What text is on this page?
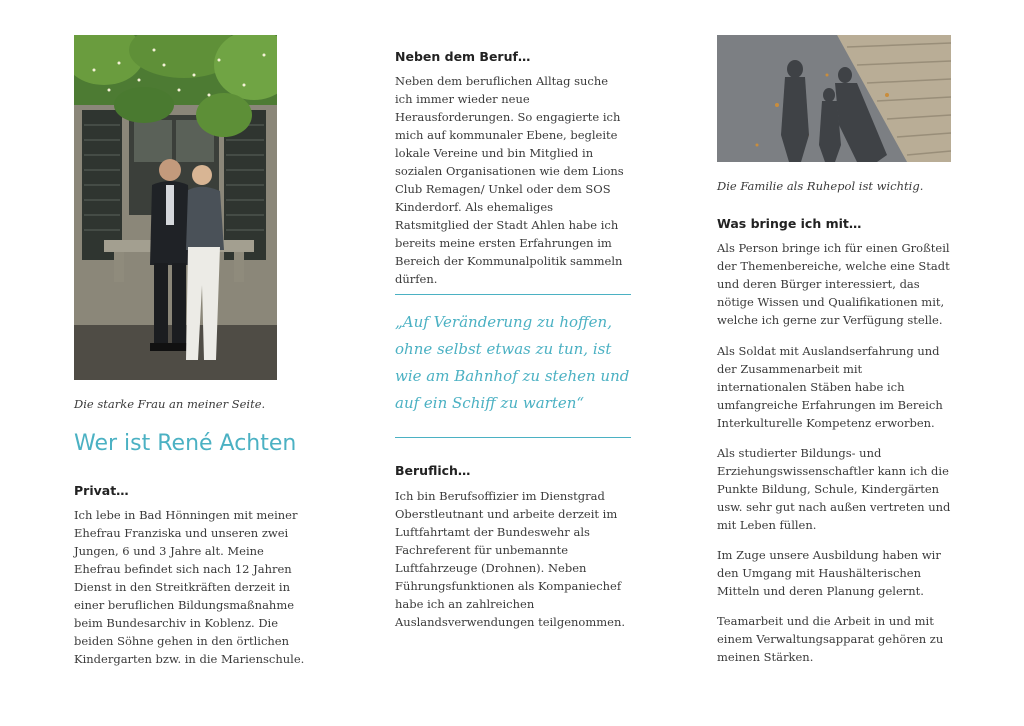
Die starke Frau an meiner Seite.
Wer ist René Achten
Privat…

Ich lebe in Bad Hönningen mit meiner Ehefrau Franziska und unseren zwei Jungen, 6 und 3 Jahre alt. Meine Ehefrau befindet sich nach 12 Jahren Dienst in den Streitkräften derzeit in einer beruflichen Bildungsmaßnahme beim Bundesarchiv in Koblenz. Die beiden Söhne gehen in den örtlichen Kindergarten bzw. in die Marienschule.

Neben dem Beruf…

Neben dem beruflichen Alltag suche ich immer wieder neue Herausforderungen. So engagierte ich mich auf kommunaler Ebene, begleite lokale Vereine und bin Mitglied in sozialen Organisationen wie dem Lions Club Remagen/ Unkel oder dem SOS Kinderdorf. Als ehemaliges Ratsmitglied der Stadt Ahlen habe ich bereits meine ersten Erfahrungen im Bereich der Kommunalpolitik sammeln dürfen.

„Auf Veränderung zu hoffen, ohne selbst etwas zu tun, ist wie am Bahnhof zu stehen und auf ein Schiff zu warten“

Beruflich…

Ich bin Berufsoffizier im Dienstgrad Oberstleutnant und arbeite derzeit im Luftfahrtamt der Bundeswehr als Fachreferent für unbemannte Luftfahrzeuge (Drohnen). Neben Führungsfunktionen als Kompaniechef habe ich an zahlreichen Auslandsverwendungen teilgenommen.

Die Familie als Ruhepol ist wichtig.
Was bringe ich mit…

Als Person bringe ich für einen Großteil der Themenbereiche, welche eine Stadt und deren Bürger interessiert, das nötige Wissen und Qualifikationen mit, welche ich gerne zur Verfügung stelle.

Als Soldat mit Auslandserfahrung und der Zusammenarbeit mit internationalen Stäben habe ich umfangreiche Erfahrungen im Bereich Interkulturelle Kompetenz erworben.

Als studierter Bildungs- und Erziehungswissenschaftler kann ich die Punkte Bildung, Schule, Kindergärten usw. sehr gut nach außen vertreten und mit Leben füllen.

Im Zuge unsere Ausbildung haben wir den Umgang mit Haushälterischen Mitteln und deren Planung gelernt.

Teamarbeit und die Arbeit in und mit einem Verwaltungsapparat gehören zu meinen Stärken.
